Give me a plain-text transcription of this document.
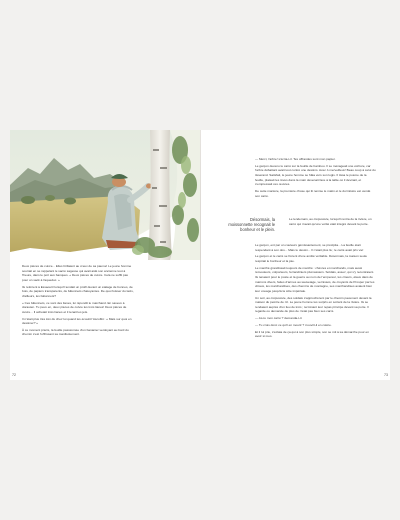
Deux pièces de cuivre... Elles brillaient au creux de sa paume! Le jeune homme souriait en se rappelant le sacré sagesse qui avait aidé son ancienne tout à l'heure, dans le port aux banques. « Deux pièces de cuivre. Cela ne suffit pas pour un sack à l'aqueduc. »

Ils retinrent à Essaouril lorsqu'il tendait un profil devant un étalage de bonnes, de bois, de papiers transparents, de bâtonnets chatoyantes. De quoi foisser du lacis, d'ailleurs, les bâtonnets?

« Ces bâtonnets, ce sont des lianes, lui répondit le marchand. En saveux à dorauten. Tu peux en, deux pièces de cuivre les trois lianes! Deux pièces de cuivre... Il achetait trois lianes et il tenait les jets.

Il n'était plus très loin du chez lui quand les écoutit l'Ascofikt : « Mais sur quoi en dessiner? »

À ce moment précis, la feuille passionnée d'un bananier verdoyant au bord du chemin s'est l'offrissant sa manifestement.

72

— Merci, l'arbre! s'écria-t-il. Tes offrandes sont mon papier.

Le garçon devenu le carré sur la feuille de bambou. Il se ménageait une écriture, car l'arbre débattant avait tout contré une dessins. Avec ô merveilleux! Beau coup à celui du tisserand. Satisfait, le jeune homme se hâta vers son logis. Il tissa le poème de la feuille, plaisait les rêves dans la main devenait face à la table où il devinait, et s'empressait ces œuvres.

De cette manière, la première chose qui lit remise le matin et le dormitoire est vendé son carré.

Désormais, la moissonnette recognait le bonheur et le plein.

Le lendemain, au crépuscule, lorsqu'il rentra de la rivière, on carré qui n'avait qu'une vérité était intégré devant la porte.

Le garçon, ent par un couleurs gémissantement, se précipita... La feuille était respendant à son dos... Mais le dessin... Il n'était plus là ; le carré avait pris vie!

Le garçon et le carré se frèrent d'une amitié véritable. Désormais, la maison seule respirait le bonheur et la joie.

Le marché grandissait toujours de marché : chèvres et marchands, mais aussi rémouleurs, colporteurs, ferrandiniers plumassiers. Soldats, assez, qui s'y recontraient. Ils tenaient pour le poste et la guerre au nom de l'empereur, les crieurs, étaux dans de marrons divers, faites d'armes au sauvetage, vernissés, de croyants de Prosper par les vitraux, les marchandises, des chemins de montagne, ses marchandises avaient bien leur vouage jusqu'à la côte impériale.

Un soir, au crépuscule, des soldats s'approchèrent par le chemin pavement devant la maison du peintre de riz. Le jeune homme les surpris en sortant de la rivière. Ils se rendaient auprès d'un lieu de trois ; terminant leur repas principe devant sa porte. Il regarde ou demande de plus de n'état pas bien ses carré.

— As-tu mon carré ? demanda-t-il.

— Tu crois donc ce qu'il en mourir ? s'ouvrit-il en colère.

Et il lui prie, s'éclata de ça qui à son plus simple, son se mit à sa démarche pour en avoir si mes.

73
